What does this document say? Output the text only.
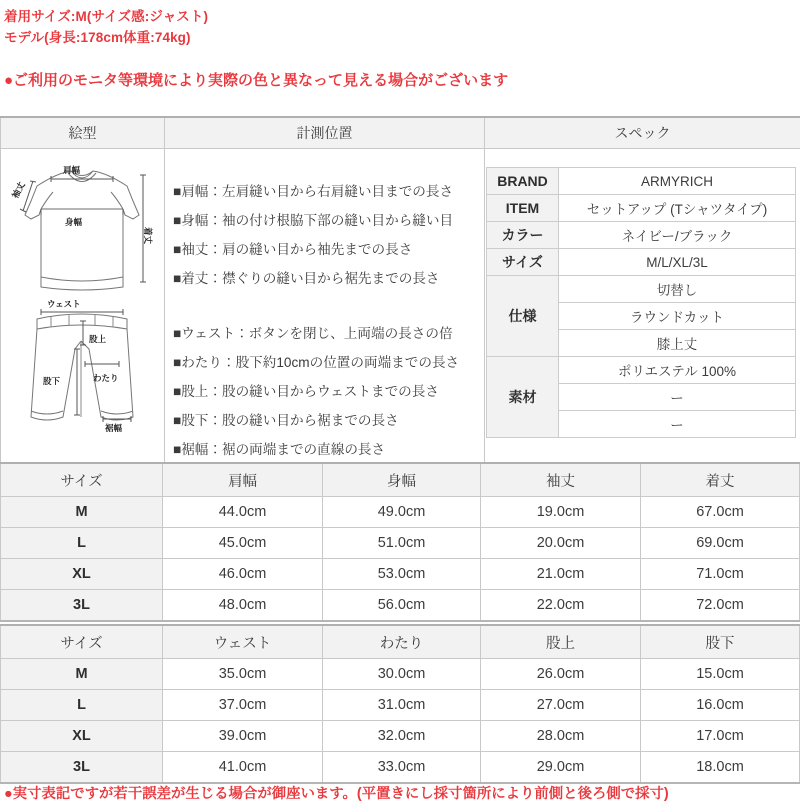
着用サイズ:M(サイズ感:ジャスト)
モデル(身長:178cm体重:74kg)
●ご利用のモニタ等環境により実際の色と異なって見える場合がございます
絵型	計測位置	スペック

肩幅
袖丈
身幅
着丈
ウェスト
股上
わたり
股下
裾幅

■肩幅：左肩縫い目から右肩縫い目までの長さ
■身幅：袖の付け根脇下部の縫い目から縫い目
■袖丈：肩の縫い目から袖先までの長さ
■着丈：襟ぐりの縫い目から裾先までの長さ
■ウェスト：ボタンを閉じ、上両端の長さの倍
■わたり：股下約10cmの位置の両端までの長さ
■股上：股の縫い目からウェストまでの長さ
■股下：股の縫い目から裾までの長さ
■裾幅：裾の両端までの直線の長さ

BRAND	ARMYRICH
ITEM	セットアップ (Tシャツタイプ)
カラー	ネイビー/ブラック
サイズ	M/L/XL/3L
仕様	切替し
	ラウンドカット
	膝上丈
素材	ポリエステル 100%
	ー
	ー
サイズ	肩幅	身幅	袖丈	着丈
M	44.0cm	49.0cm	19.0cm	67.0cm
L	45.0cm	51.0cm	20.0cm	69.0cm
XL	46.0cm	53.0cm	21.0cm	71.0cm
3L	48.0cm	56.0cm	22.0cm	72.0cm
サイズ	ウェスト	わたり	股上	股下
M	35.0cm	30.0cm	26.0cm	15.0cm
L	37.0cm	31.0cm	27.0cm	16.0cm
XL	39.0cm	32.0cm	28.0cm	17.0cm
3L	41.0cm	33.0cm	29.0cm	18.0cm
●実寸表記ですが若干誤差が生じる場合が御座います。(平置きにし採寸箇所により前側と後ろ側で採寸)
